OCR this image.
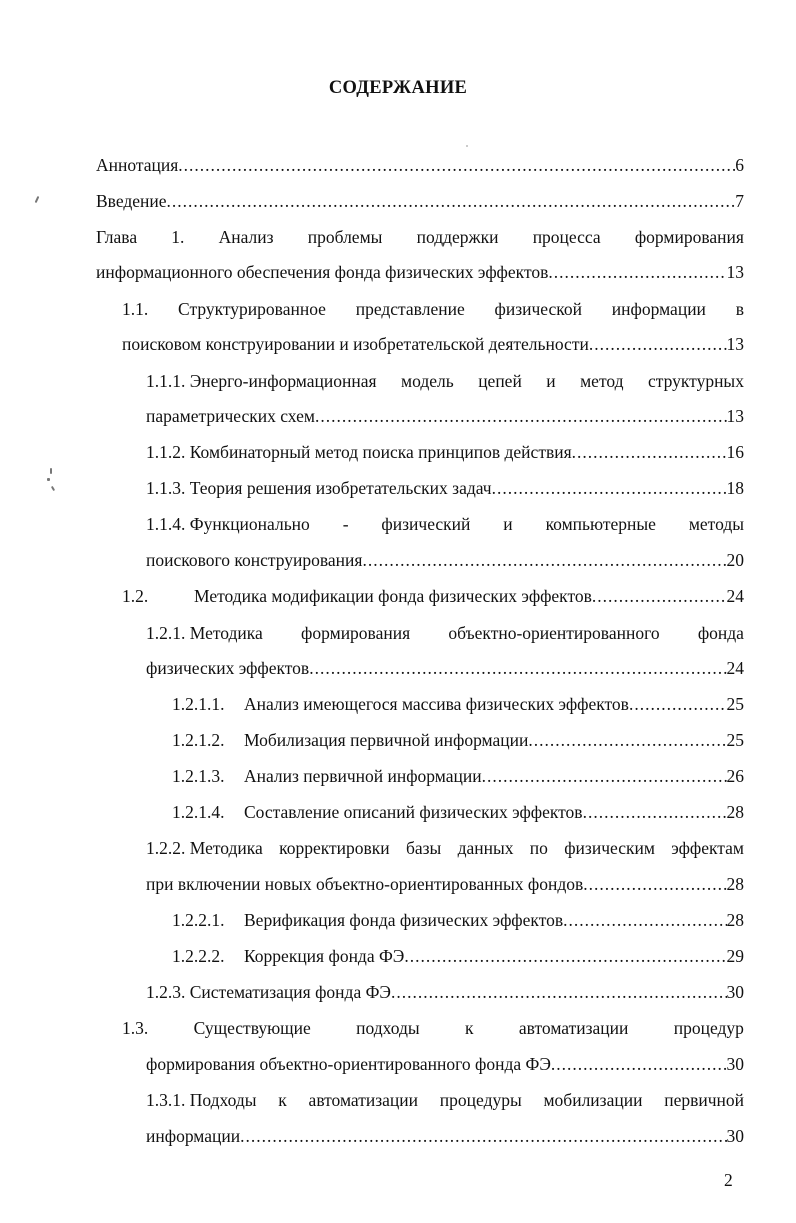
СОДЕРЖАНИЕ
Аннотация .....	6
Введение .....	7
Глава 1. Анализ проблемы поддержки процесса формирования
информационного обеспечения фонда физических эффектов .....	13
1.1. Структурированное представление физической информации в
поисковом конструировании и изобретательской деятельности .....	13
1.1.1. Энерго-информационная модель цепей и метод структурных
параметрических схем .....	13
1.1.2. Комбинаторный метод поиска принципов действия .....	16
1.1.3. Теория решения изобретательских задач .....	18
1.1.4. Функционально - физический и компьютерные методы
поискового конструирования .....	20
1.2.	Методика модификации фонда физических эффектов .....	24
1.2.1. Методика формирования объектно-ориентированного фонда
физических эффектов .....	24
1.2.1.1. Анализ имеющегося массива физических эффектов .....	25
1.2.1.2. Мобилизация первичной информации .....	25
1.2.1.3. Анализ первичной информации .....	26
1.2.1.4. Составление описаний физических эффектов .....	28
1.2.2. Методика корректировки базы данных по физическим эффектам
при включении новых объектно-ориентированных фондов .....	28
1.2.2.1. Верификация фонда физических эффектов .....	28
1.2.2.2. Коррекция фонда ФЭ .....	29
1.2.3. Систематизация фонда ФЭ .....	30
1.3.	Существующие	подходы	к	автоматизации	процедур
формирования объектно-ориентированного фонда ФЭ .....	30
1.3.1. Подходы к автоматизации процедуры мобилизации первичной
информации .....	30
2
